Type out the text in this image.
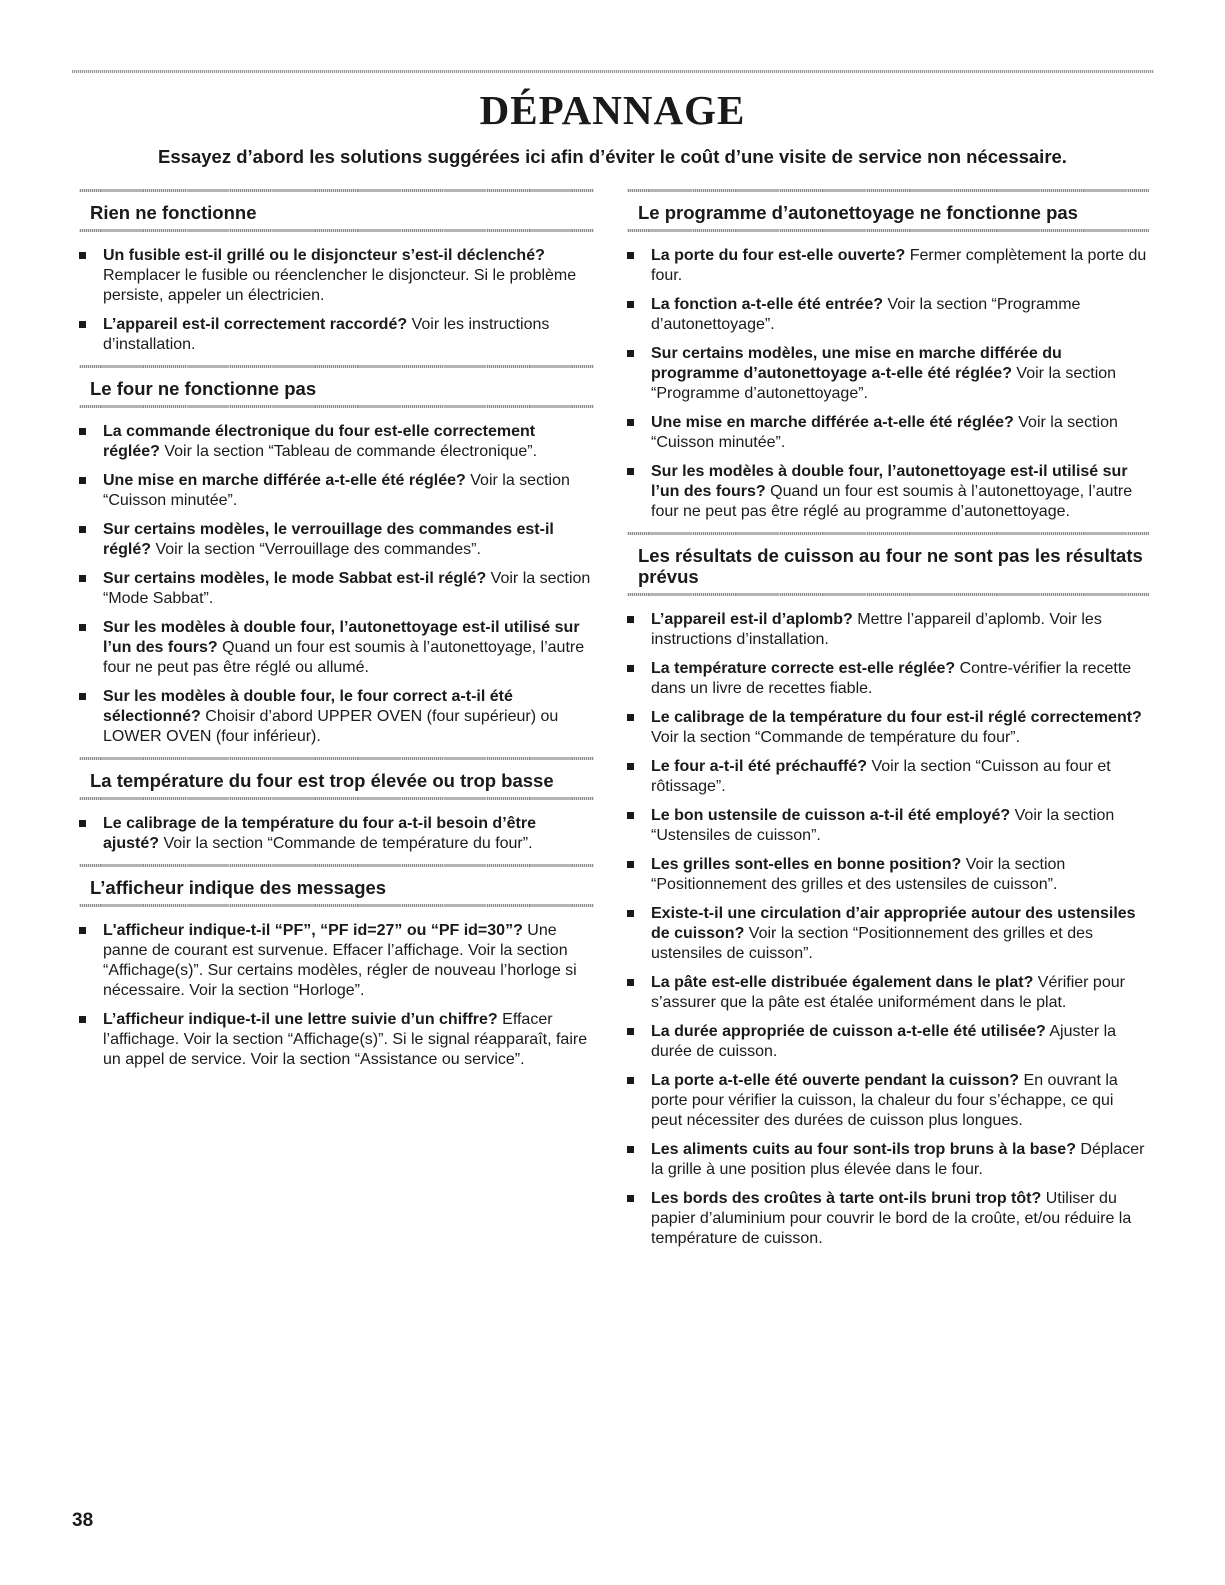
DÉPANNAGE

Essayez d’abord les solutions suggérées ici afin d’éviter le coût d’une visite de service non nécessaire.

Rien ne fonctionne
Un fusible est-il grillé ou le disjoncteur s’est-il déclenché? Remplacer le fusible ou réenclencher le disjoncteur. Si le problème persiste, appeler un électricien.
L’appareil est-il correctement raccordé? Voir les instructions d’installation.
Le four ne fonctionne pas
La commande électronique du four est-elle correctement réglée? Voir la section “Tableau de commande électronique”.
Une mise en marche différée a-t-elle été réglée? Voir la section “Cuisson minutée”.
Sur certains modèles, le verrouillage des commandes est-il réglé? Voir la section “Verrouillage des commandes”.
Sur certains modèles, le mode Sabbat est-il réglé? Voir la section “Mode Sabbat”.
Sur les modèles à double four, l’autonettoyage est-il utilisé sur l’un des fours? Quand un four est soumis à l’autonettoyage, l’autre four ne peut pas être réglé ou allumé.
Sur les modèles à double four, le four correct a-t-il été sélectionné? Choisir d’abord UPPER OVEN (four supérieur) ou LOWER OVEN (four inférieur).
La température du four est trop élevée ou trop basse
Le calibrage de la température du four a-t-il besoin d’être ajusté? Voir la section “Commande de température du four”.
L’afficheur indique des messages
L'afficheur indique-t-il “PF”, “PF id=27” ou “PF id=30”? Une panne de courant est survenue. Effacer l’affichage. Voir la section “Affichage(s)”. Sur certains modèles, régler de nouveau l’horloge si nécessaire. Voir la section “Horloge”.
L’afficheur indique-t-il une lettre suivie d’un chiffre? Effacer l’affichage. Voir la section “Affichage(s)”. Si le signal réapparaît, faire un appel de service. Voir la section “Assistance ou service”.
Le programme d’autonettoyage ne fonctionne pas
La porte du four est-elle ouverte? Fermer complètement la porte du four.
La fonction a-t-elle été entrée? Voir la section “Programme d’autonettoyage”.
Sur certains modèles, une mise en marche différée du programme d’autonettoyage a-t-elle été réglée? Voir la section “Programme d’autonettoyage”.
Une mise en marche différée a-t-elle été réglée? Voir la section “Cuisson minutée”.
Sur les modèles à double four, l’autonettoyage est-il utilisé sur l’un des fours? Quand un four est soumis à l’autonettoyage, l’autre four ne peut pas être réglé au programme d’autonettoyage.
Les résultats de cuisson au four ne sont pas les résultats prévus
L’appareil est-il d’aplomb? Mettre l’appareil d’aplomb. Voir les instructions d’installation.
La température correcte est-elle réglée? Contre-vérifier la recette dans un livre de recettes fiable.
Le calibrage de la température du four est-il réglé correctement? Voir la section “Commande de température du four”.
Le four a-t-il été préchauffé? Voir la section “Cuisson au four et rôtissage”.
Le bon ustensile de cuisson a-t-il été employé? Voir la section “Ustensiles de cuisson”.
Les grilles sont-elles en bonne position? Voir la section “Positionnement des grilles et des ustensiles de cuisson”.
Existe-t-il une circulation d’air appropriée autour des ustensiles de cuisson? Voir la section “Positionnement des grilles et des ustensiles de cuisson”.
La pâte est-elle distribuée également dans le plat? Vérifier pour s’assurer que la pâte est étalée uniformément dans le plat.
La durée appropriée de cuisson a-t-elle été utilisée? Ajuster la durée de cuisson.
La porte a-t-elle été ouverte pendant la cuisson? En ouvrant la porte pour vérifier la cuisson, la chaleur du four s’échappe, ce qui peut nécessiter des durées de cuisson plus longues.
Les aliments cuits au four sont-ils trop bruns à la base? Déplacer la grille à une position plus élevée dans le four.
Les bords des croûtes à tarte ont-ils bruni trop tôt? Utiliser du papier d’aluminium pour couvrir le bord de la croûte, et/ou réduire la température de cuisson.

38
